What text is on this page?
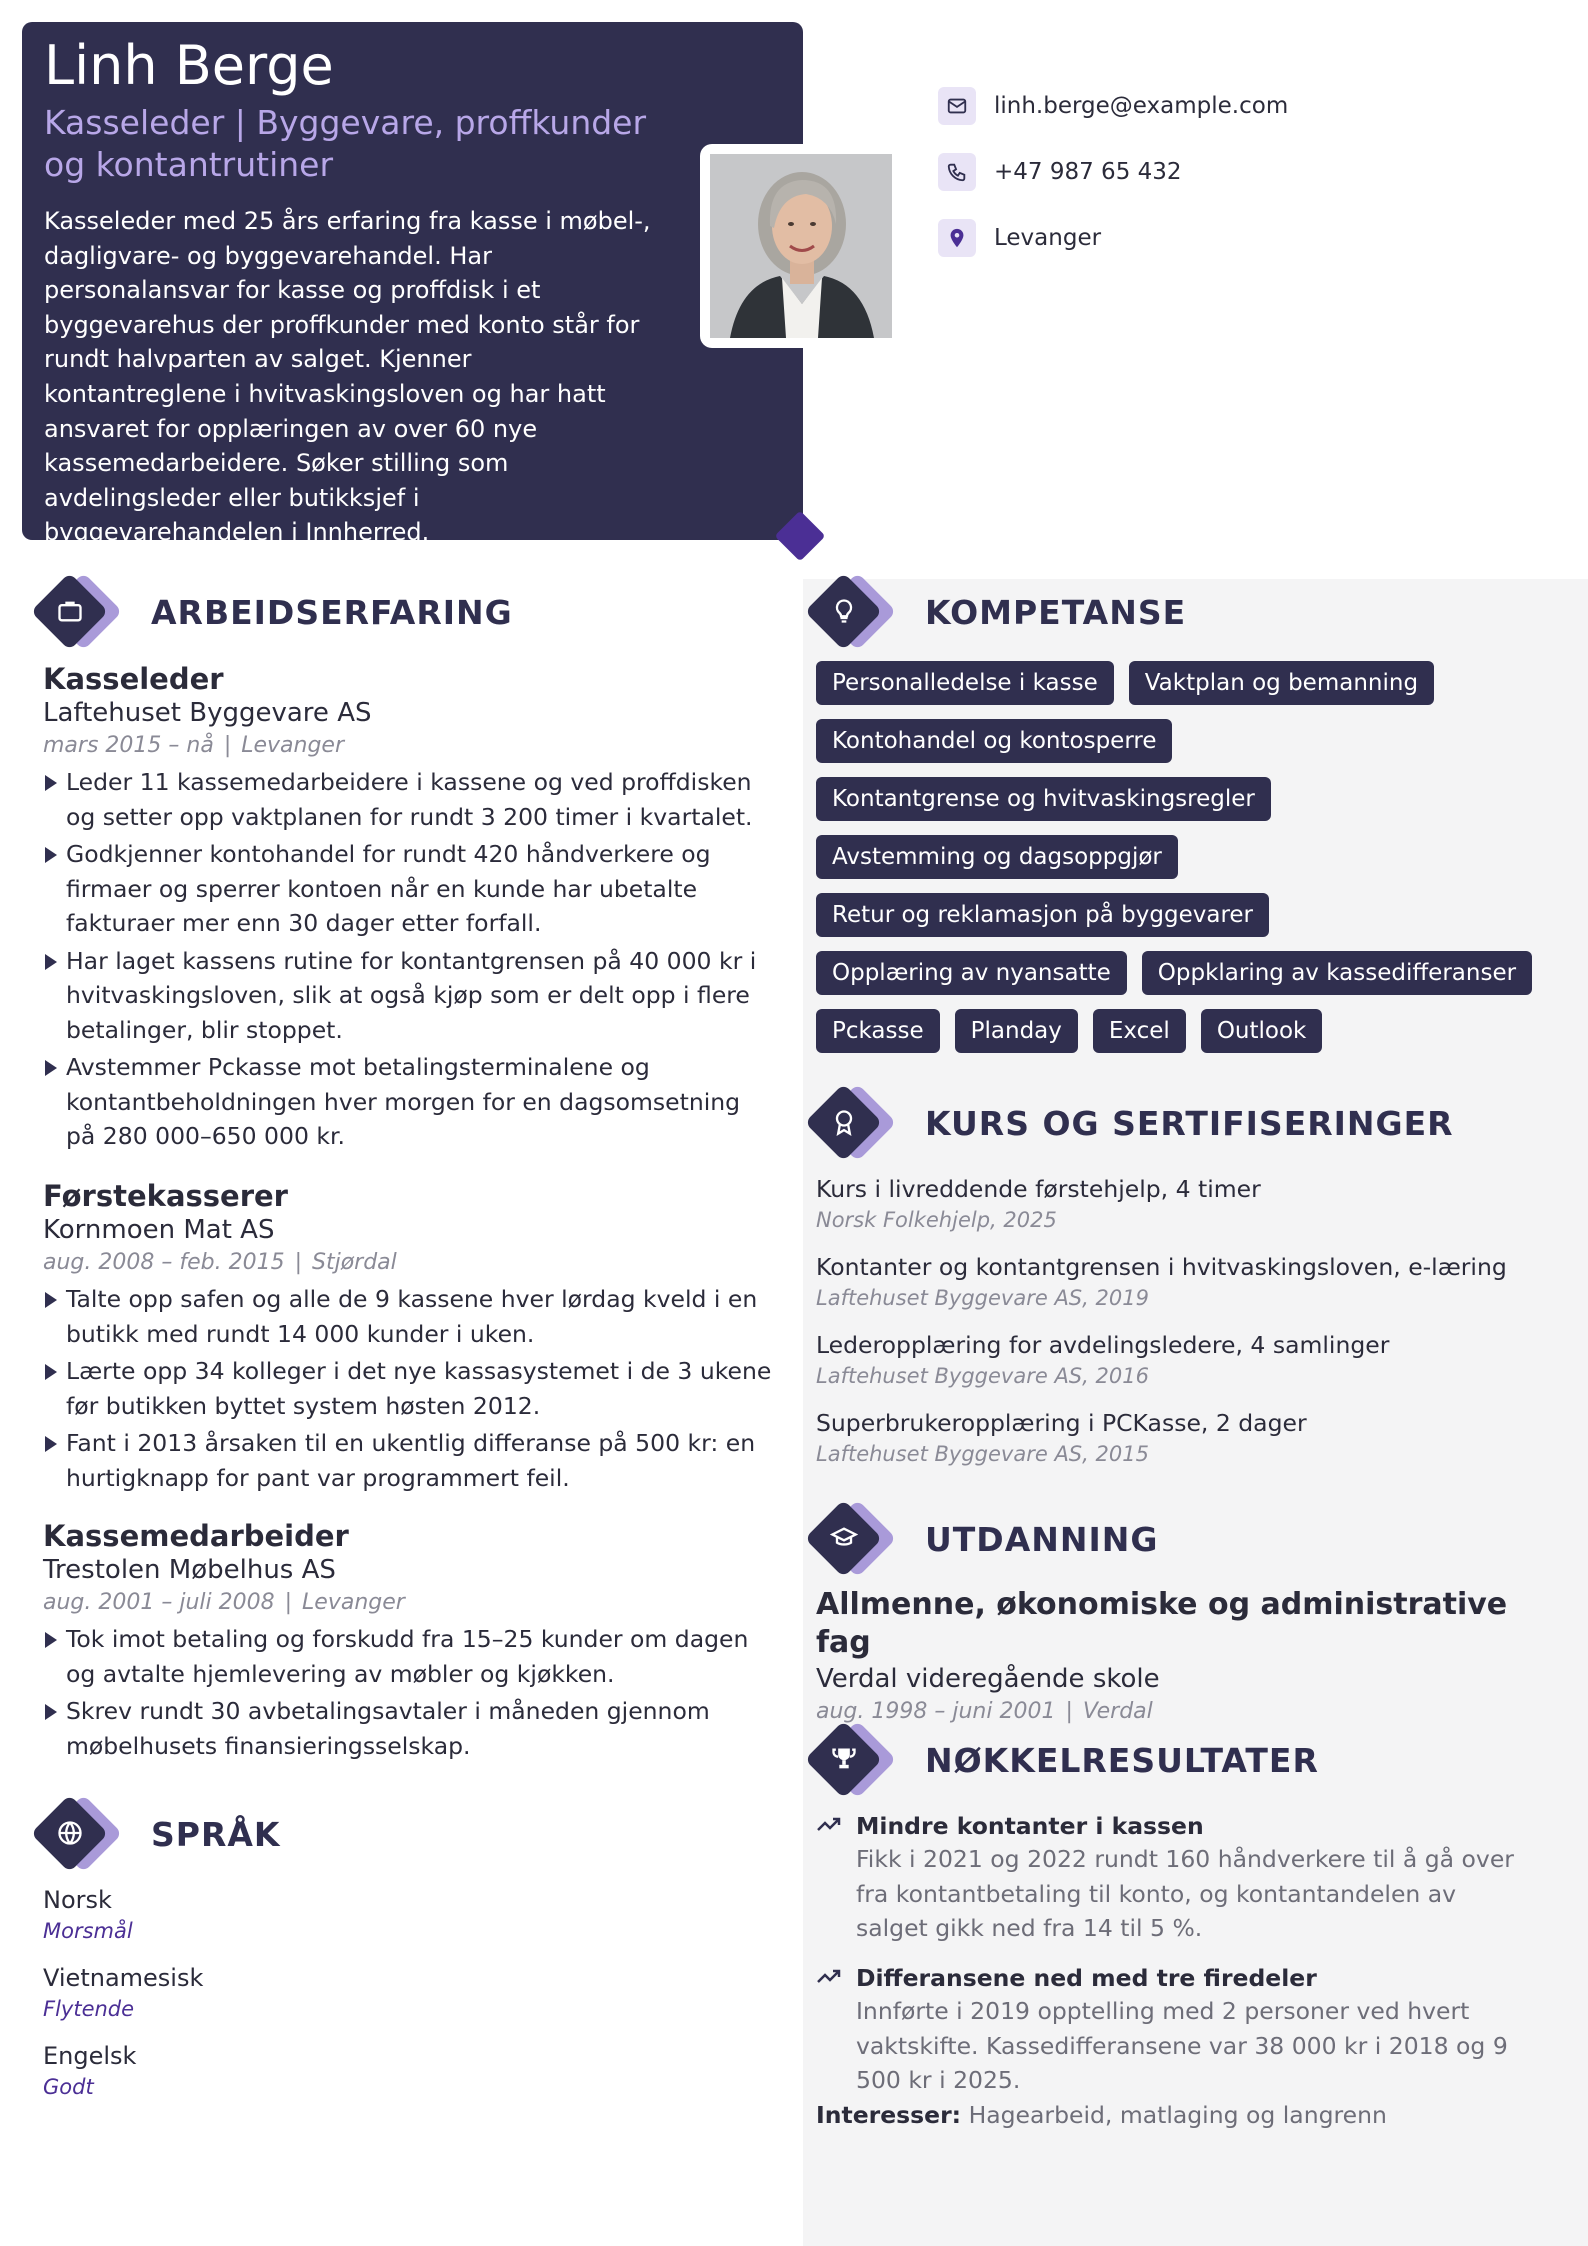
Linh Berge
Kasseleder | Byggevare, proffkunder og kontantrutiner
Kasseleder med 25 års erfaring fra kasse i møbel-, dagligvare- og byggevarehandel. Har personalansvar for kasse og proffdisk i et byggevarehus der proffkunder med konto står for rundt halvparten av salget. Kjenner kontantreglene i hvitvaskingsloven og har hatt ansvaret for opplæringen av over 60 nye kassemedarbeidere. Søker stilling som avdelingsleder eller butikksjef i byggevarehandelen i Innherred.
linh.berge@example.com
+47 987 65 432
Levanger
ARBEIDSERFARING
Kasseleder
Laftehuset Byggevare AS
mars 2015 – nå | Levanger
Leder 11 kassemedarbeidere i kassene og ved proffdisken og setter opp vaktplanen for rundt 3 200 timer i kvartalet.
Godkjenner kontohandel for rundt 420 håndverkere og firmaer og sperrer kontoen når en kunde har ubetalte fakturaer mer enn 30 dager etter forfall.
Har laget kassens rutine for kontantgrensen på 40 000 kr i hvitvaskingsloven, slik at også kjøp som er delt opp i flere betalinger, blir stoppet.
Avstemmer Pckasse mot betalingsterminalene og kontantbeholdningen hver morgen for en dagsomsetning på 280 000–650 000 kr.
Førstekasserer
Kornmoen Mat AS
aug. 2008 – feb. 2015 | Stjørdal
Talte opp safen og alle de 9 kassene hver lørdag kveld i en butikk med rundt 14 000 kunder i uken.
Lærte opp 34 kolleger i det nye kassasystemet i de 3 ukene før butikken byttet system høsten 2012.
Fant i 2013 årsaken til en ukentlig differanse på 500 kr: en hurtigknapp for pant var programmert feil.
Kassemedarbeider
Trestolen Møbelhus AS
aug. 2001 – juli 2008 | Levanger
Tok imot betaling og forskudd fra 15–25 kunder om dagen og avtalte hjemlevering av møbler og kjøkken.
Skrev rundt 30 avbetalingsavtaler i måneden gjennom møbelhusets finansieringsselskap.
SPRÅK
Norsk
Morsmål
Vietnamesisk
Flytende
Engelsk
Godt
KOMPETANSE
Personalledelse i kasse	Vaktplan og bemanning
Kontohandel og kontosperre
Kontantgrense og hvitvaskingsregler
Avstemming og dagsoppgjør
Retur og reklamasjon på byggevarer
Opplæring av nyansatte	Oppklaring av kassedifferanser
Pckasse	Planday	Excel	Outlook
KURS OG SERTIFISERINGER
Kurs i livreddende førstehjelp, 4 timer
Norsk Folkehjelp, 2025
Kontanter og kontantgrensen i hvitvaskingsloven, e-læring
Laftehuset Byggevare AS, 2019
Lederopplæring for avdelingsledere, 4 samlinger
Laftehuset Byggevare AS, 2016
Superbrukeropplæring i PCKasse, 2 dager
Laftehuset Byggevare AS, 2015
UTDANNING
Allmenne, økonomiske og administrative fag
Verdal videregående skole
aug. 1998 – juni 2001 | Verdal
NØKKELRESULTATER
Mindre kontanter i kassen
Fikk i 2021 og 2022 rundt 160 håndverkere til å gå over fra kontantbetaling til konto, og kontantandelen av salget gikk ned fra 14 til 5 %.
Differansene ned med tre firedeler
Innførte i 2019 opptelling med 2 personer ved hvert vaktskifte. Kassedifferansene var 38 000 kr i 2018 og 9 500 kr i 2025.
Interesser: Hagearbeid, matlaging og langrenn
